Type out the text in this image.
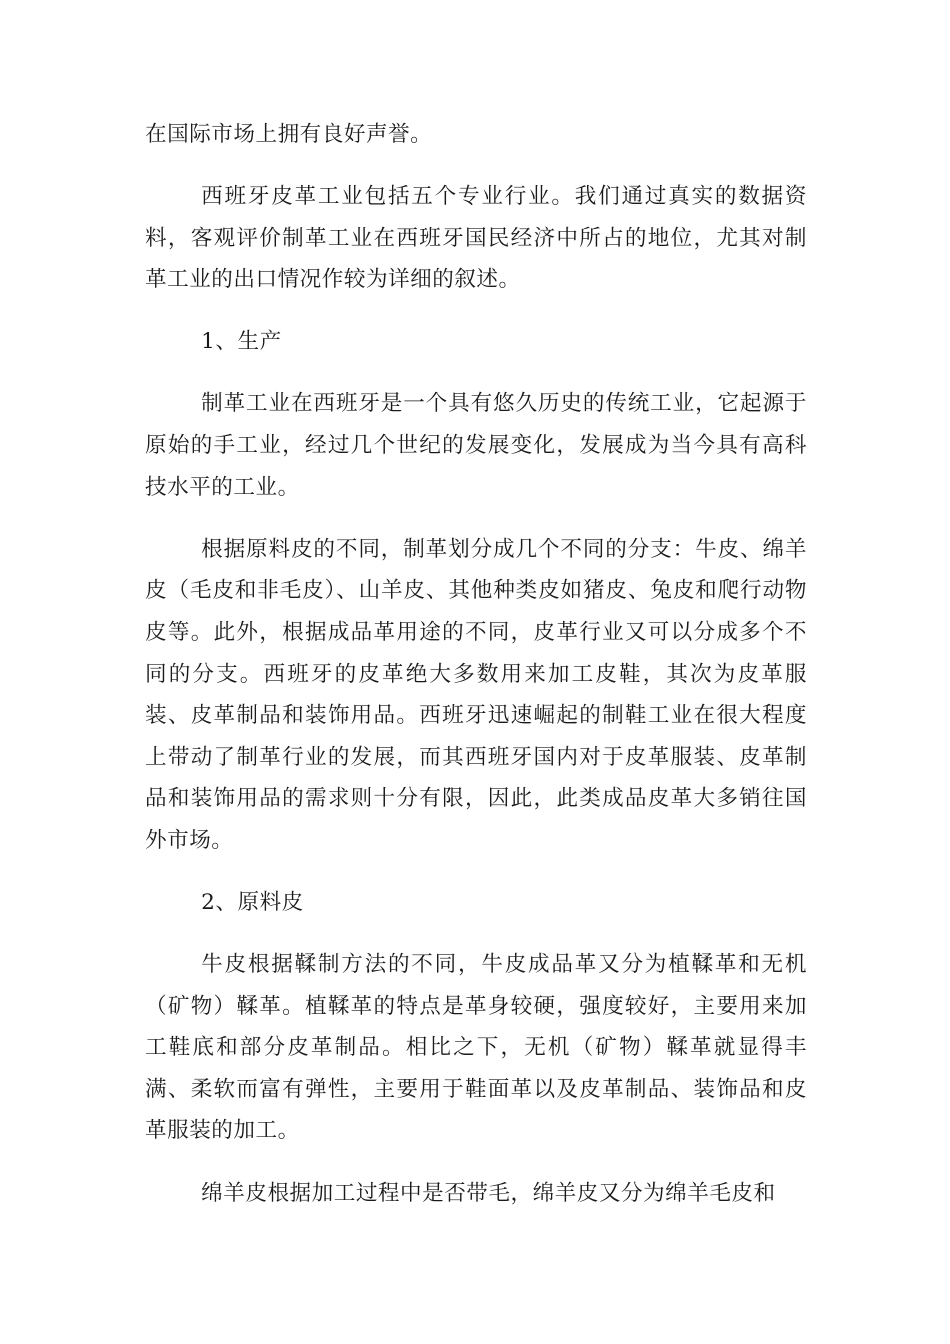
在国际市场上拥有良好声誉。

西班牙皮革工业包括五个专业行业。我们通过真实的数据资料，客观评价制革工业在西班牙国民经济中所占的地位，尤其对制革工业的出口情况作较为详细的叙述。

1、生产

制革工业在西班牙是一个具有悠久历史的传统工业，它起源于原始的手工业，经过几个世纪的发展变化，发展成为当今具有高科技水平的工业。

根据原料皮的不同，制革划分成几个不同的分支：牛皮、绵羊皮（毛皮和非毛皮）、山羊皮、其他种类皮如猪皮、兔皮和爬行动物皮等。此外，根据成品革用途的不同，皮革行业又可以分成多个不同的分支。西班牙的皮革绝大多数用来加工皮鞋，其次为皮革服装、皮革制品和装饰用品。西班牙迅速崛起的制鞋工业在很大程度上带动了制革行业的发展，而其西班牙国内对于皮革服装、皮革制品和装饰用品的需求则十分有限，因此，此类成品皮革大多销往国外市场。

2、原料皮

牛皮根据鞣制方法的不同，牛皮成品革又分为植鞣革和无机（矿物）鞣革。植鞣革的特点是革身较硬，强度较好，主要用来加工鞋底和部分皮革制品。相比之下，无机（矿物）鞣革就显得丰满、柔软而富有弹性，主要用于鞋面革以及皮革制品、装饰品和皮革服装的加工。

绵羊皮根据加工过程中是否带毛，绵羊皮又分为绵羊毛皮和
